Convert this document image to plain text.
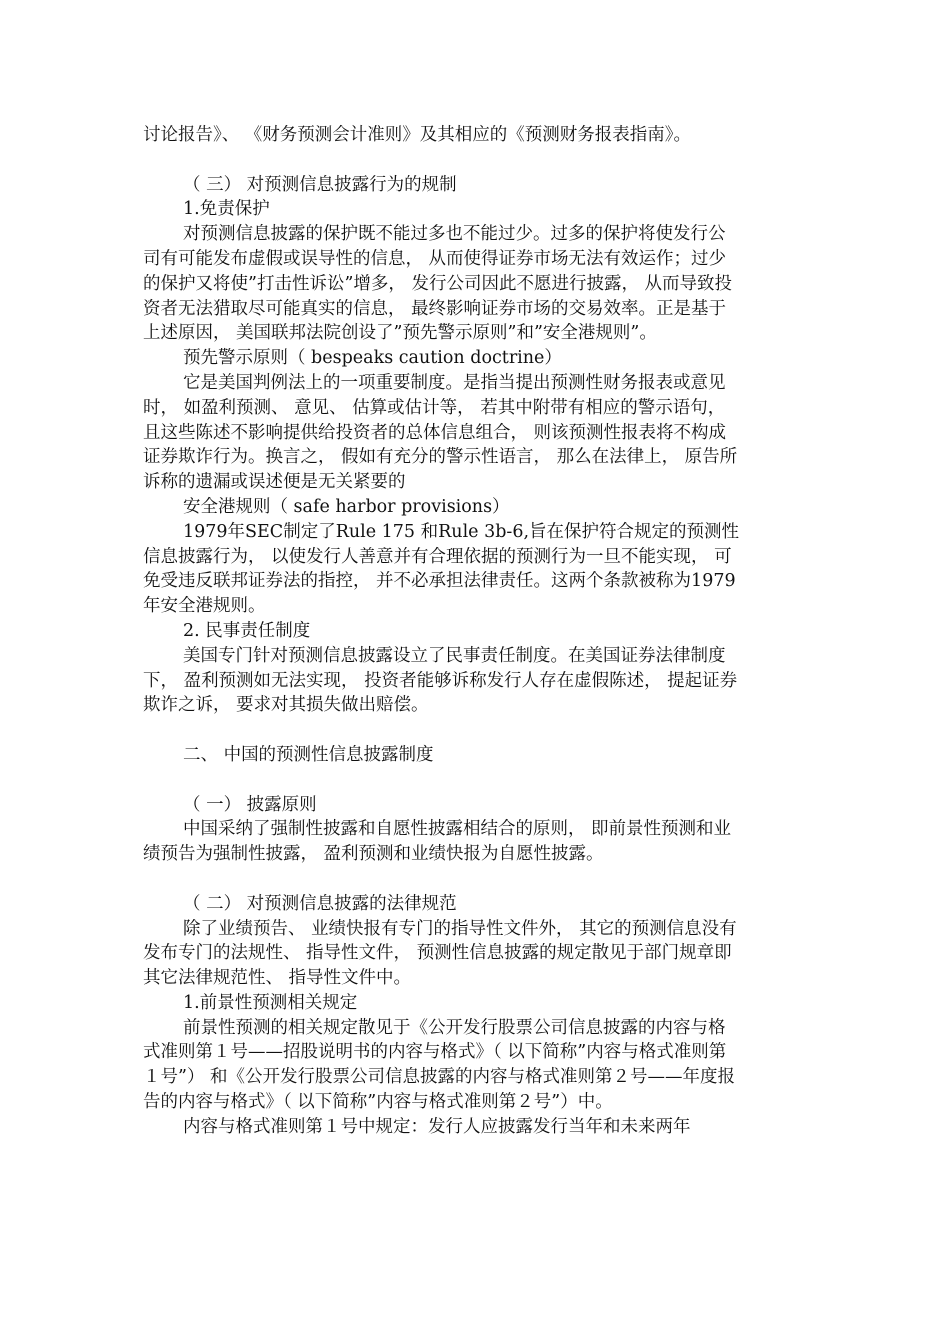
讨论报告》、 《财务预测会计准则》及其相应的《预测财务报表指南》。

（ 三） 对预测信息披露行为的规制

1.免责保护

对预测信息披露的保护既不能过多也不能过少。过多的保护将使发行公司有可能发布虚假或误导性的信息， 从而使得证券市场无法有效运作；过少的保护又将使”打击性诉讼”增多， 发行公司因此不愿进行披露， 从而导致投资者无法猎取尽可能真实的信息， 最终影响证券市场的交易效率。正是基于上述原因， 美国联邦法院创设了”预先警示原则”和”安全港规则”。

预先警示原则（ bespeaks caution doctrine）

它是美国判例法上的一项重要制度。是指当提出预测性财务报表或意见时， 如盈利预测、 意见、 估算或估计等， 若其中附带有相应的警示语句， 且这些陈述不影响提供给投资者的总体信息组合， 则该预测性报表将不构成证券欺诈行为。换言之， 假如有充分的警示性语言， 那么在法律上， 原告所诉称的遗漏或误述便是无关紧要的

安全港规则（ safe harbor provisions）

1979年SEC制定了Rule 175 和Rule 3b-6,旨在保护符合规定的预测性信息披露行为， 以使发行人善意并有合理依据的预测行为一旦不能实现， 可免受违反联邦证券法的指控， 并不必承担法律责任。这两个条款被称为1979年安全港规则。

2. 民事责任制度

美国专门针对预测信息披露设立了民事责任制度。在美国证券法律制度下， 盈利预测如无法实现， 投资者能够诉称发行人存在虚假陈述， 提起证券欺诈之诉， 要求对其损失做出赔偿。

二、 中国的预测性信息披露制度

（ 一） 披露原则

中国采纳了强制性披露和自愿性披露相结合的原则， 即前景性预测和业绩预告为强制性披露， 盈利预测和业绩快报为自愿性披露。

（ 二） 对预测信息披露的法律规范

除了业绩预告、 业绩快报有专门的指导性文件外， 其它的预测信息没有发布专门的法规性、 指导性文件， 预测性信息披露的规定散见于部门规章即其它法律规范性、 指导性文件中。

1.前景性预测相关规定

前景性预测的相关规定散见于《公开发行股票公司信息披露的内容与格式准则第１号——招股说明书的内容与格式》（ 以下简称”内容与格式准则第１号”） 和《公开发行股票公司信息披露的内容与格式准则第２号——年度报告的内容与格式》（ 以下简称”内容与格式准则第２号”）中。

内容与格式准则第１号中规定：发行人应披露发行当年和未来两年
